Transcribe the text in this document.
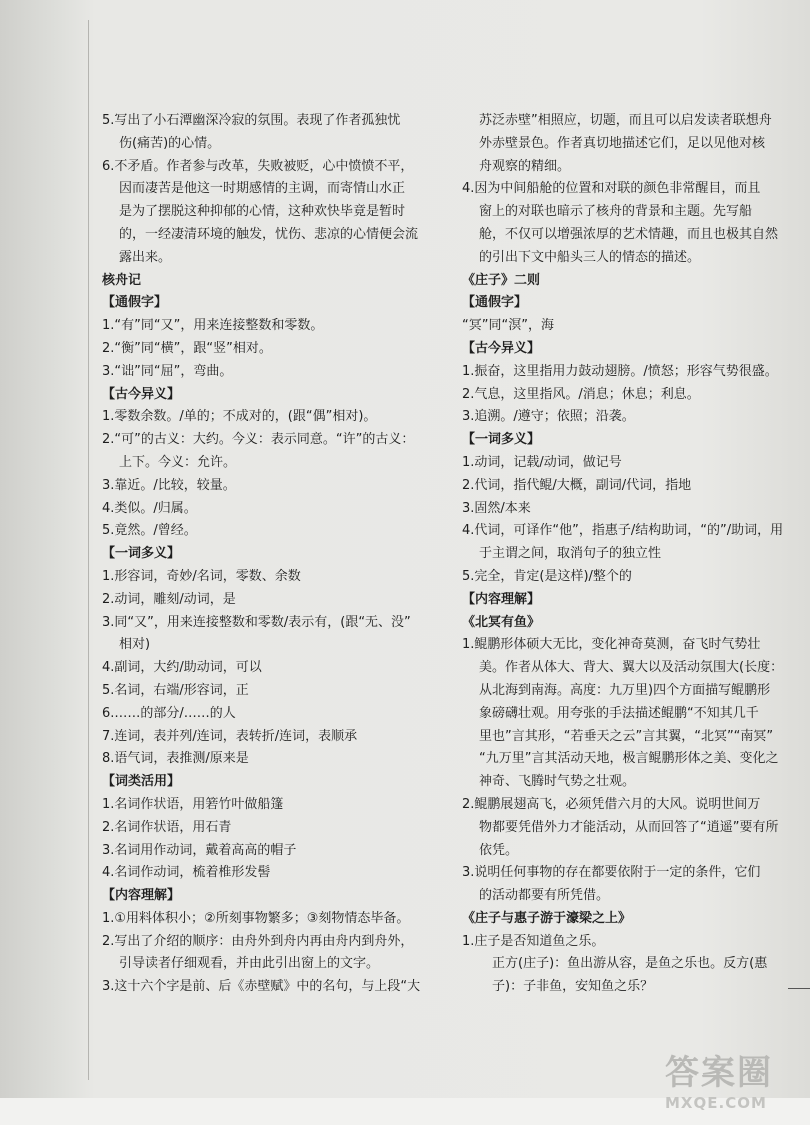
5.写出了小石潭幽深冷寂的氛围。表现了作者孤独忧
伤(痛苦)的心情。
6.不矛盾。作者参与改革，失败被贬，心中愤愤不平，
因而凄苦是他这一时期感情的主调，而寄情山水正
是为了摆脱这种抑郁的心情，这种欢快毕竟是暂时
的，一经凄清环境的触发，忧伤、悲凉的心情便会流
露出来。
核舟记
【通假字】
1.“有”同“又”，用来连接整数和零数。
2.“衡”同“横”，跟“竖”相对。
3.“诎”同“屈”，弯曲。
【古今异义】
1.零数余数。/单的；不成对的，(跟“偶”相对)。
2.“可”的古义：大约。今义：表示同意。“许”的古义：
上下。今义：允许。
3.靠近。/比较，较量。
4.类似。/归属。
5.竟然。/曾经。
【一词多义】
1.形容词，奇妙/名词，零数、余数
2.动词，雕刻/动词，是
3.同“又”，用来连接整数和零数/表示有，(跟“无、没”
相对)
4.副词，大约/助动词，可以
5.名词，右端/形容词，正
6.……的部分/……的人
7.连词，表并列/连词，表转折/连词，表顺承
8.语气词，表推测/原来是
【词类活用】
1.名词作状语，用箬竹叶做船篷
2.名词作状语，用石青
3.名词用作动词，戴着高高的帽子
4.名词作动词，梳着椎形发髻
【内容理解】
1.①用料体积小；②所刻事物繁多；③刻物情态毕备。
2.写出了介绍的顺序：由舟外到舟内再由舟内到舟外，
引导读者仔细观看，并由此引出窗上的文字。
3.这十六个字是前、后《赤壁赋》中的名句，与上段“大
苏泛赤壁”相照应，切题，而且可以启发读者联想舟
外赤壁景色。作者真切地描述它们，足以见他对核
舟观察的精细。
4.因为中间船舱的位置和对联的颜色非常醒目，而且
窗上的对联也暗示了核舟的背景和主题。先写船
舱，不仅可以增强浓厚的艺术情趣，而且也极其自然
的引出下文中船头三人的情态的描述。
《庄子》二则
【通假字】
“冥”同“溟”，海
【古今异义】
1.振奋，这里指用力鼓动翅膀。/愤怒；形容气势很盛。
2.气息，这里指风。/消息；休息；利息。
3.追溯。/遵守；依照；沿袭。
【一词多义】
1.动词，记载/动词，做记号
2.代词，指代鲲/大概，副词/代词，指地
3.固然/本来
4.代词，可译作“他”，指惠子/结构助词，“的”/助词，用
于主谓之间，取消句子的独立性
5.完全，肯定(是这样)/整个的
【内容理解】
《北冥有鱼》
1.鲲鹏形体硕大无比，变化神奇莫测，奋飞时气势壮
美。作者从体大、背大、翼大以及活动氛围大(长度：
从北海到南海。高度：九万里)四个方面描写鲲鹏形
象磅礴壮观。用夸张的手法描述鲲鹏“不知其几千
里也”言其形，“若垂天之云”言其翼，“北冥”“南冥”
“九万里”言其活动天地，极言鲲鹏形体之美、变化之
神奇、飞腾时气势之壮观。
2.鲲鹏展翅高飞，必须凭借六月的大风。说明世间万
物都要凭借外力才能活动，从而回答了“逍遥”要有所
依凭。
3.说明任何事物的存在都要依附于一定的条件，它们
的活动都要有所凭借。
《庄子与惠子游于濠梁之上》
1.庄子是否知道鱼之乐。
正方(庄子)：鱼出游从容，是鱼之乐也。反方(惠
子)：子非鱼，安知鱼之乐？
答案圈
MXQE.COM
